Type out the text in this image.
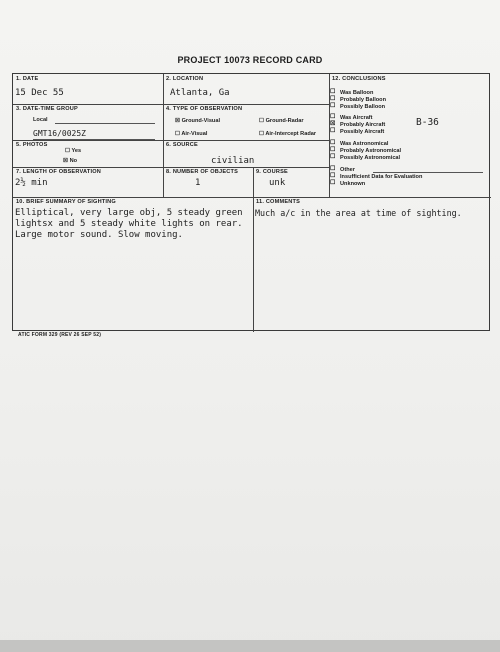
PROJECT 10073 RECORD CARD
1. DATE
15 Dec 55
2. LOCATION
Atlanta, Ga
3. DATE-TIME GROUP
Local
GMT16/0025Z
4. TYPE OF OBSERVATION
☒ Ground-Visual	☐ Ground-Radar
☐ Air-Visual	☐ Air-Intercept Radar
5. PHOTOS
☐ Yes
☒ No
6. SOURCE
civilian
7. LENGTH OF OBSERVATION
2½ min
8. NUMBER OF OBJECTS
1
9. COURSE
unk
10. BRIEF SUMMARY OF SIGHTING
Elliptical, very large obj, 5 steady green
lightsx and 5 steady white lights on rear.
Large motor sound. Slow moving.
11. COMMENTS
Much a/c in the area at time of sighting.
12. CONCLUSIONS
☐ Was Balloon
☐ Probably Balloon
☐ Possibly Balloon
☐ Was Aircraft
☒ Probably Aircraft
☐ Possibly Aircraft
B-36
☐ Was Astronomical
☐ Probably Astronomical
☐ Possibly Astronomical
☐ Other
☐ Insufficient Data for Evaluation
☐ Unknown
ATIC FORM 329 (REV 26 SEP 52)
